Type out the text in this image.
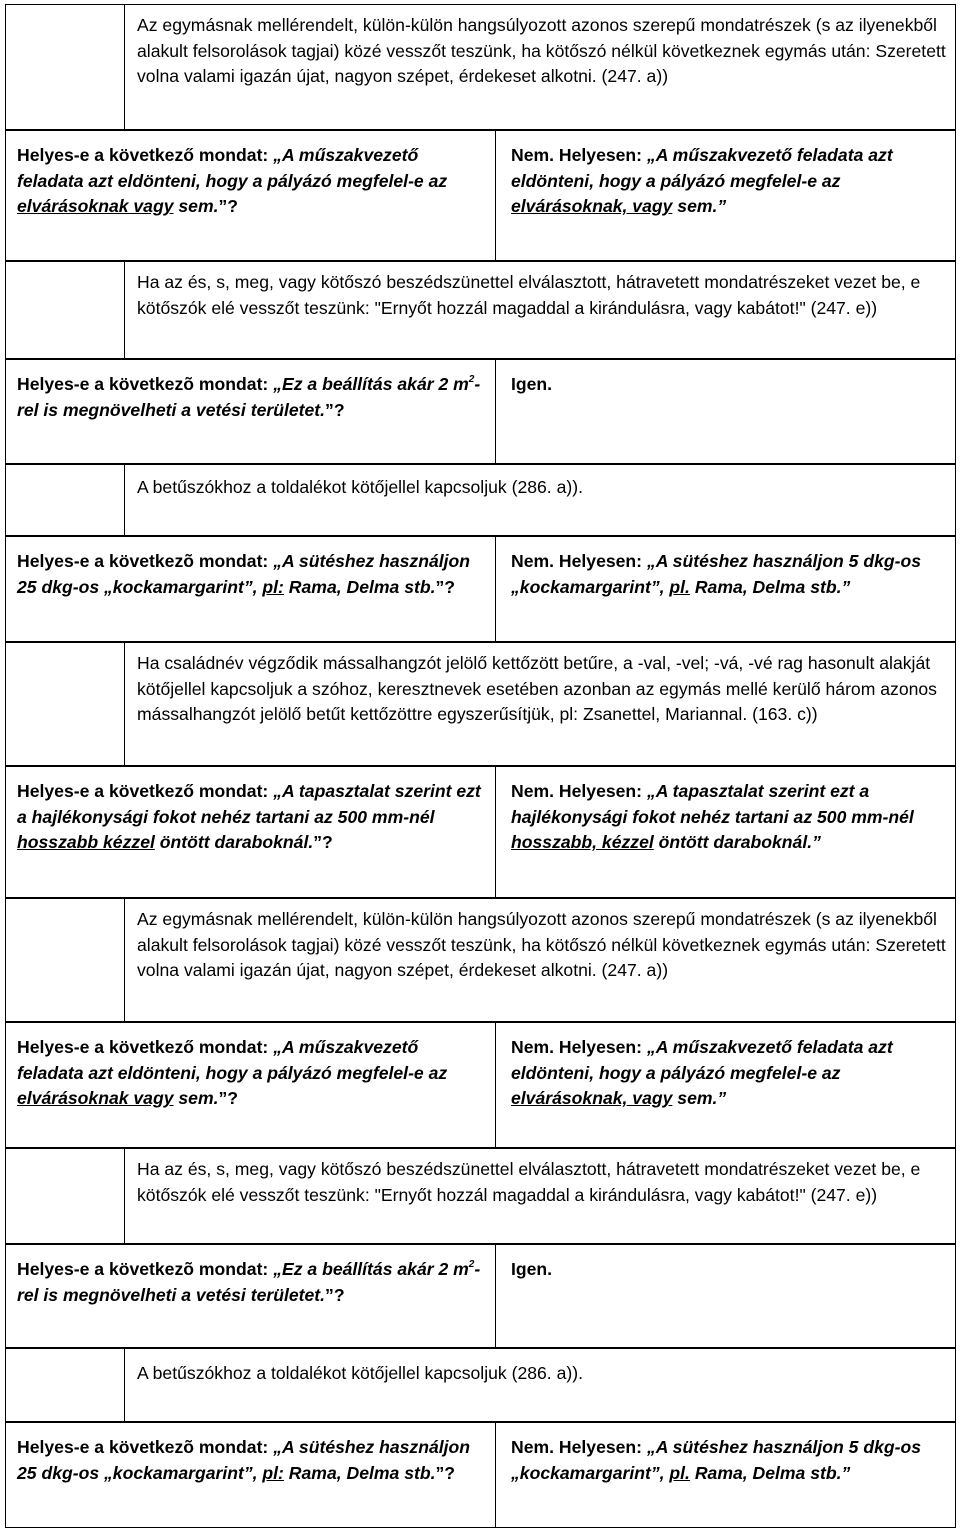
Az egymásnak mellérendelt, külön-külön hangsúlyozott azonos szerepű mondatrészek (s az ilyenekből alakult felsorolások tagjai) közé vesszőt teszünk, ha kötőszó nélkül következnek egymás után: Szeretett volna valami igazán újat, nagyon szépet, érdekeset alkotni. (247. a))
Helyes-e a következő mondat: „A műszakvezető feladata azt eldönteni, hogy a pályázó megfelel-e az elvárásoknak vagy sem.”?
Nem. Helyesen: „A műszakvezető feladata azt eldönteni, hogy a pályázó megfelel-e az elvárásoknak, vagy sem.”
Ha az és, s, meg, vagy kötőszó beszédszünettel elválasztott, hátravetett mondatrészeket vezet be, e kötőszók elé vesszőt teszünk: "Ernyőt hozzál magaddal a kirándulásra, vagy kabátot!" (247. e))
Helyes-e a következõ mondat: „Ez a beállítás akár 2 $m^2$-rel is megnövelheti a vetési területet.”?
Igen.
A betűszókhoz a toldalékot kötőjellel kapcsoljuk (286. a)).
Helyes-e a következõ mondat: „A sütéshez használjon 25 dkg-os „kockamargarint”, pl: Rama, Delma stb.”?
Nem. Helyesen: „A sütéshez használjon 5 dkg-os „kockamargarint”, pl. Rama, Delma stb.”
Ha családnév végződik mássalhangzót jelölő kettőzött betűre, a -val, -vel; -vá, -vé rag hasonult alakját kötőjellel kapcsoljuk a szóhoz, keresztnevek esetében azonban az egymás mellé kerülő három azonos mássalhangzót jelölő betűt kettőzöttre egyszerűsítjük, pl: Zsanettel, Mariannal. (163. c))
Helyes-e a következő mondat: „A tapasztalat szerint ezt a hajlékonysági fokot nehéz tartani az 500 mm-nél hosszabb kézzel öntött daraboknál.”?
Nem. Helyesen: „A tapasztalat szerint ezt a hajlékonysági fokot nehéz tartani az 500 mm-nél hosszabb, kézzel öntött daraboknál.”
Az egymásnak mellérendelt, külön-külön hangsúlyozott azonos szerepű mondatrészek (s az ilyenekből alakult felsorolások tagjai) közé vesszőt teszünk, ha kötőszó nélkül következnek egymás után: Szeretett volna valami igazán újat, nagyon szépet, érdekeset alkotni. (247. a))
Helyes-e a következő mondat: „A műszakvezető feladata azt eldönteni, hogy a pályázó megfelel-e az elvárásoknak vagy sem.”?
Nem. Helyesen: „A műszakvezető feladata azt eldönteni, hogy a pályázó megfelel-e az elvárásoknak, vagy sem.”
Ha az és, s, meg, vagy kötőszó beszédszünettel elválasztott, hátravetett mondatrészeket vezet be, e kötőszók elé vesszőt teszünk: "Ernyőt hozzál magaddal a kirándulásra, vagy kabátot!" (247. e))
Helyes-e a következõ mondat: „Ez a beállítás akár 2 $m^2$-rel is megnövelheti a vetési területet.”?
Igen.
A betűszókhoz a toldalékot kötőjellel kapcsoljuk (286. a)).
Helyes-e a következõ mondat: „A sütéshez használjon 25 dkg-os „kockamargarint”, pl: Rama, Delma stb.”?
Nem. Helyesen: „A sütéshez használjon 5 dkg-os „kockamargarint”, pl. Rama, Delma stb.”
